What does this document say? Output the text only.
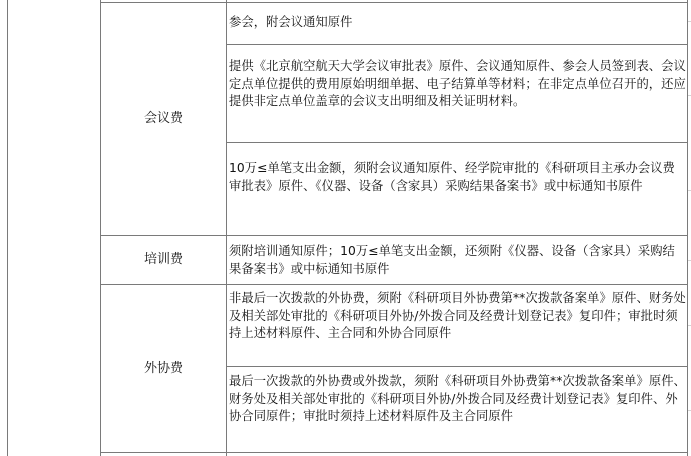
会议费
培训费
外协费
参会，附会议通知原件
提供《北京航空航天大学会议审批表》原件、会议通知原件、参会人员签到表、会议定点单位提供的费用原始明细单据、电子结算单等材料；在非定点单位召开的，还应提供非定点单位盖章的会议支出明细及相关证明材料。
10万≤单笔支出金额，须附会议通知原件、经学院审批的《科研项目主承办会议费审批表》原件、《仪器、设备（含家具）采购结果备案书》或中标通知书原件
须附培训通知原件；10万≤单笔支出金额，还须附《仪器、设备（含家具）采购结果备案书》或中标通知书原件
非最后一次拨款的外协费，须附《科研项目外协费第**次拨款备案单》原件、财务处及相关部处审批的《科研项目外协/外拨合同及经费计划登记表》复印件；审批时须持上述材料原件、主合同和外协合同原件
最后一次拨款的外协费或外拨款，须附《科研项目外协费第**次拨款备案单》原件、财务处及相关部处审批的《科研项目外协/外拨合同及经费计划登记表》复印件、外协合同原件；审批时须持上述材料原件及主合同原件
